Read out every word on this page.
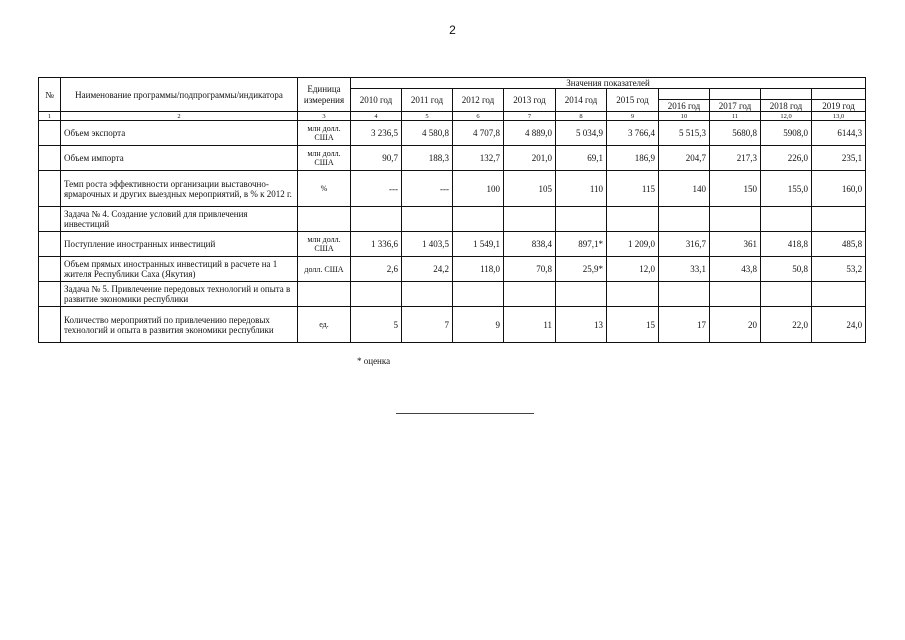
2
№	Наименование программы/подпрограммы/индикатора	Единица измерения	Значения показателей									
			2010 год	2011 год	2012 год	2013 год	2014 год	2015 год				
									2016 год	2017 год	2018 год	2019 год
1	2	3	4	5	6	7	8	9	10	11	12,0	13,0
	Объем экспорта	млн долл. США	3 236,5	4 580,8	4 707,8	4 889,0	5 034,9	3 766,4	5 515,3	5680,8	5908,0	6144,3
	Объем импорта	млн долл. США	90,7	188,3	132,7	201,0	69,1	186,9	204,7	217,3	226,0	235,1
	Темп роста эффективности организации выставочно-ярмарочных и других выездных мероприятий, в % к 2012 г.	%	---	---	100	105	110	115	140	150	155,0	160,0
	Задача № 4. Создание условий для привлечения инвестиций											
	Поступление иностранных инвестиций	млн долл. США	1 336,6	1 403,5	1 549,1	838,4	897,1*	1 209,0	316,7	361	418,8	485,8
	Объем прямых иностранных инвестиций в расчете на 1 жителя Республики Саха (Якутия)	долл. США	2,6	24,2	118,0	70,8	25,9*	12,0	33,1	43,8	50,8	53,2
	Задача № 5. Привлечение передовых технологий и опыта в развитие экономики республики											
	Количество мероприятий по привлечению передовых технологий и опыта в развития экономики республики	ед.	5	7	9	11	13	15	17	20	22,0	24,0
* оценка
